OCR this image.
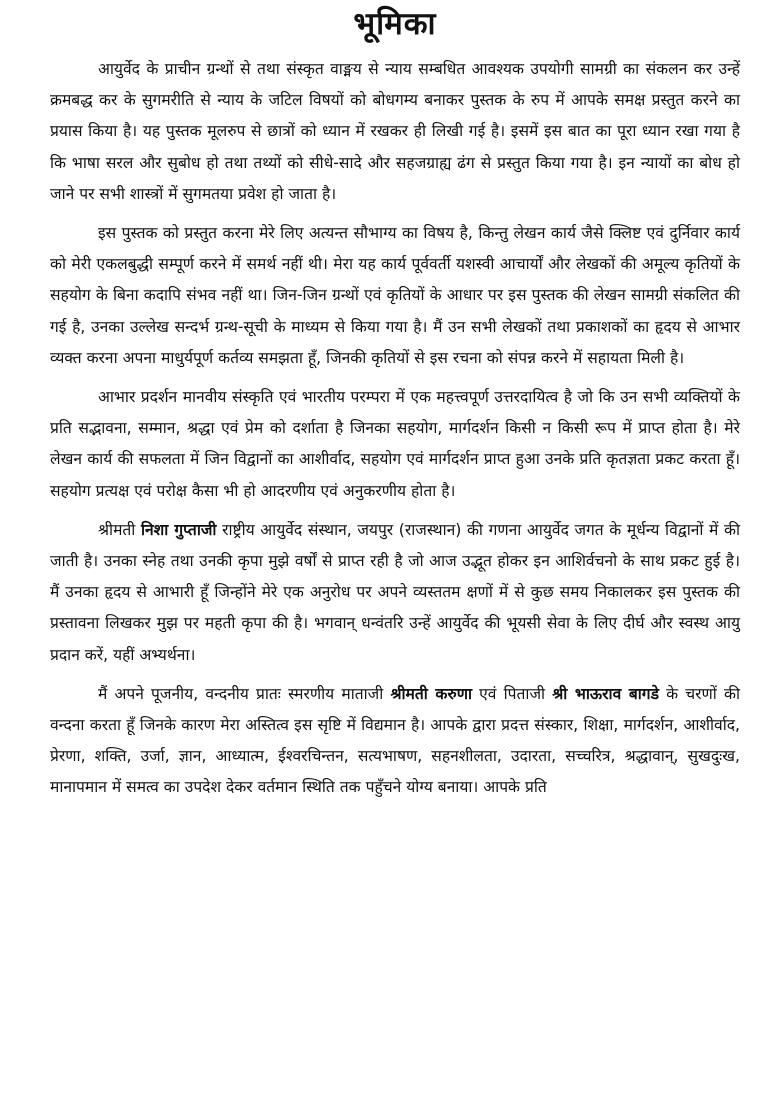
भूमिका

आयुर्वेद के प्राचीन ग्रन्थों से तथा संस्कृत वाङ्मय से न्याय सम्बधित आवश्यक उपयोगी सामग्री का संकलन कर उन्हें क्रमबद्ध कर के सुगमरीति से न्याय के जटिल विषयों को बोधगम्य बनाकर पुस्तक के रुप में आपके समक्ष प्रस्तुत करने का प्रयास किया है। यह पुस्तक मूलरुप से छात्रों को ध्यान में रखकर ही लिखी गई है। इसमें इस बात का पूरा ध्यान रखा गया है कि भाषा सरल और सुबोध हो तथा तथ्यों को सीधे-सादे और सहजग्राह्य ढंग से प्रस्तुत किया गया है। इन न्यायों का बोध हो जाने पर सभी शास्त्रों में सुगमतया प्रवेश हो जाता है।

इस पुस्तक को प्रस्तुत करना मेरे लिए अत्यन्त सौभाग्य का विषय है, किन्तु लेखन कार्य जैसे क्लिष्ट एवं दुर्निवार कार्य को मेरी एकलबुद्धी सम्पूर्ण करने में समर्थ नहीं थी। मेरा यह कार्य पूर्ववर्ती यशस्वी आचार्यों और लेखकों की अमूल्य कृतियों के सहयोग के बिना कदापि संभव नहीं था। जिन-जिन ग्रन्थों एवं कृतियों के आधार पर इस पुस्तक की लेखन सामग्री संकलित की गई है, उनका उल्लेख सन्दर्भ ग्रन्थ-सूची के माध्यम से किया गया है। मैं उन सभी लेखकों तथा प्रकाशकों का हृदय से आभार व्यक्त करना अपना माधुर्यपूर्ण कर्तव्य समझता हूँ, जिनकी कृतियों से इस रचना को संपन्न करने में सहायता मिली है।

आभार प्रदर्शन मानवीय संस्कृति एवं भारतीय परम्परा में एक महत्त्वपूर्ण उत्तरदायित्व है जो कि उन सभी व्यक्तियों के प्रति सद्भावना, सम्मान, श्रद्धा एवं प्रेम को दर्शाता है जिनका सहयोग, मार्गदर्शन किसी न किसी रूप में प्राप्त होता है। मेरे लेखन कार्य की सफलता में जिन विद्वानों का आशीर्वाद, सहयोग एवं मार्गदर्शन प्राप्त हुआ उनके प्रति कृतज्ञता प्रकट करता हूँ। सहयोग प्रत्यक्ष एवं परोक्ष कैसा भी हो आदरणीय एवं अनुकरणीय होता है।

श्रीमती निशा गुप्ताजी राष्ट्रीय आयुर्वेद संस्थान, जयपुर (राजस्थान) की गणना आयुर्वेद जगत के मूर्धन्य विद्वानों में की जाती है। उनका स्नेह तथा उनकी कृपा मुझे वर्षों से प्राप्त रही है जो आज उद्भूत होकर इन आशिर्वचनो के साथ प्रकट हुई है। मैं उनका हृदय से आभारी हूँ जिन्होंने मेरे एक अनुरोध पर अपने व्यस्ततम क्षणों में से कुछ समय निकालकर इस पुस्तक की प्रस्तावना लिखकर मुझ पर महती कृपा की है। भगवान् धन्वंतरि उन्हें आयुर्वेद की भूयसी सेवा के लिए दीर्घ और स्वस्थ आयु प्रदान करें, यहीं अभ्यर्थना।

मैं अपने पूजनीय, वन्दनीय प्रातः स्मरणीय माताजी श्रीमती करुणा एवं पिताजी श्री भाऊराव बागडे के चरणों की वन्दना करता हूँ जिनके कारण मेरा अस्तित्व इस सृष्टि में विद्यमान है। आपके द्वारा प्रदत्त संस्कार, शिक्षा, मार्गदर्शन, आशीर्वाद, प्रेरणा, शक्ति, उर्जा, ज्ञान, आध्यात्म, ईश्वरचिन्तन, सत्यभाषण, सहनशीलता, उदारता, सच्चरित्र, श्रद्धावान्, सुखदुःख, मानापमान में समत्व का उपदेश देकर वर्तमान स्थिति तक पहुँचने योग्य बनाया। आपके प्रति
